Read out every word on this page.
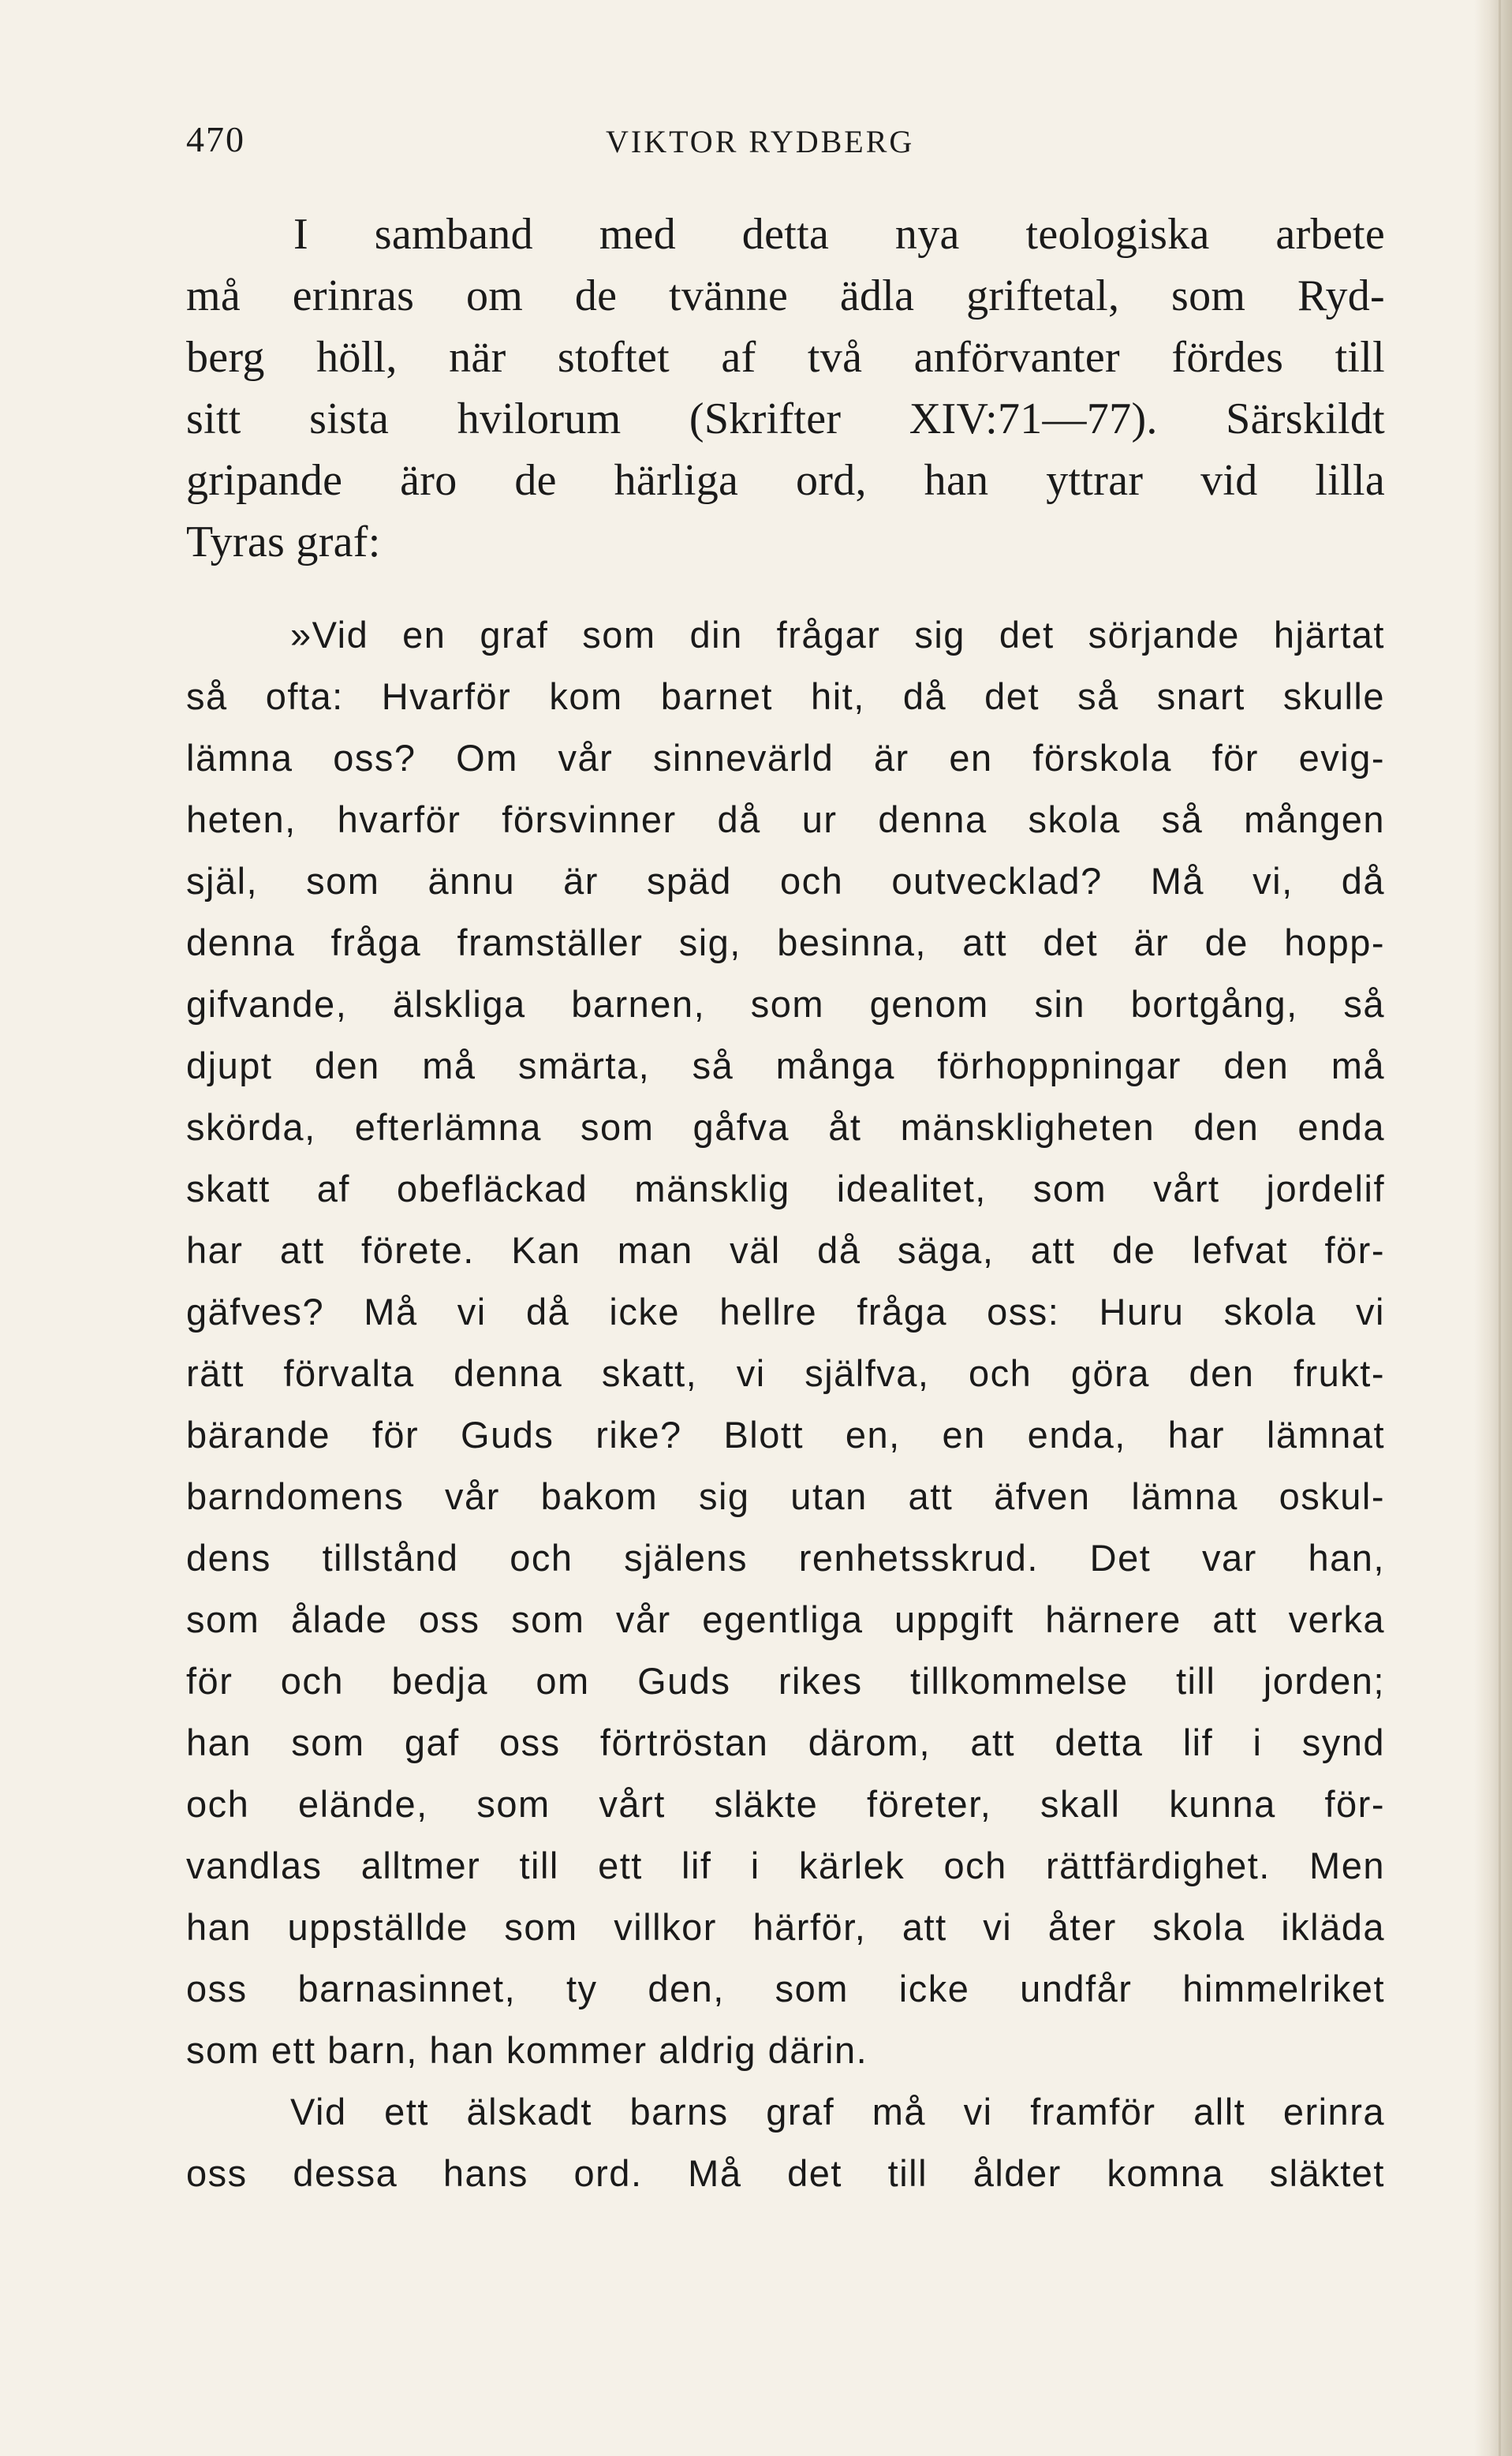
470	VIKTOR RYDBERG
I samband med detta nya teologiska arbete
må erinras om de tvänne ädla griftetal, som Ryd-
berg höll, när stoftet af två anförvanter fördes till
sitt sista hvilorum (Skrifter XIV:71—77). Särskildt
gripande äro de härliga ord, han yttrar vid lilla
Tyras graf:
»Vid en graf som din frågar sig det sörjande hjärtat
så ofta: Hvarför kom barnet hit, då det så snart skulle
lämna oss? Om vår sinnevärld är en förskola för evig-
heten, hvarför försvinner då ur denna skola så mången
själ, som ännu är späd och outvecklad? Må vi, då
denna fråga framställer sig, besinna, att det är de hopp-
gifvande, älskliga barnen, som genom sin bortgång, så
djupt den må smärta, så många förhoppningar den må
skörda, efterlämna som gåfva åt mänskligheten den enda
skatt af obefläckad mänsklig idealitet, som vårt jordelif
har att förete. Kan man väl då säga, att de lefvat för-
gäfves? Må vi då icke hellre fråga oss: Huru skola vi
rätt förvalta denna skatt, vi själfva, och göra den frukt-
bärande för Guds rike? Blott en, en enda, har lämnat
barndomens vår bakom sig utan att äfven lämna oskul-
dens tillstånd och själens renhetsskrud. Det var han,
som ålade oss som vår egentliga uppgift härnere att verka
för och bedja om Guds rikes tillkommelse till jorden;
han som gaf oss förtröstan därom, att detta lif i synd
och elände, som vårt släkte företer, skall kunna för-
vandlas alltmer till ett lif i kärlek och rättfärdighet. Men
han uppställde som villkor härför, att vi åter skola ikläda
oss barnasinnet, ty den, som icke undfår himmelriket
som ett barn, han kommer aldrig därin.
Vid ett älskadt barns graf må vi framför allt erinra
oss dessa hans ord. Må det till ålder komna släktet
